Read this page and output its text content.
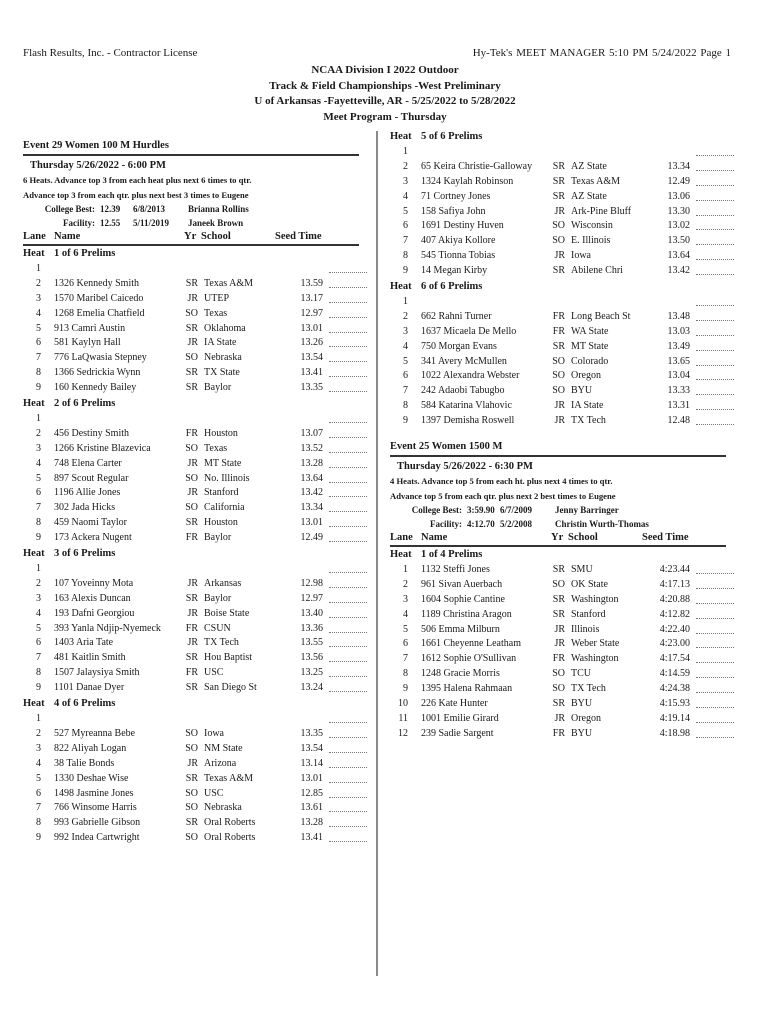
Flash Results, Inc. - Contractor License	Hy-Tek's MEET MANAGER 5:10 PM 5/24/2022 Page 1
NCAA Division I 2022 Outdoor
Track & Field Championships -West Preliminary
U of Arkansas -Fayetteville, AR - 5/25/2022 to 5/28/2022
Meet Program - Thursday
Event 29 Women 100 M Hurdles
Thursday 5/26/2022 - 6:00 PM
6 Heats. Advance top 3 from each heat plus next 6 times to qtr.
Advance top 3 from each qtr. plus next best 3 times to Eugene
College Best: 12.39 6/8/2013	Brianna Rollins
Facility: 12.55 5/11/2019 Janeek Brown
Lane Name	Yr School	Seed Time
Heat 1 of 6 Prelims
1
2 1326 Kennedy Smith	SR Texas A&M	13.59
3 1570 Maribel Caicedo	JR UTEP	13.17
4 1268 Emelia Chatfield	SO Texas	12.97
5 913 Camri Austin	SR Oklahoma	13.01
6 581 Kaylyn Hall	JR IA State	13.26
7 776 LaQwasia Stepney	SO Nebraska	13.54
8 1366 Sedrickia Wynn	SR TX State	13.41
9 160 Kennedy Bailey	SR Baylor	13.35
Heat 2 of 6 Prelims
1
2 456 Destiny Smith	FR Houston	13.07
3 1266 Kristine Blazevica	SO Texas	13.52
4 748 Elena Carter	JR MT State	13.28
5 897 Scout Regular	SO No. Illinois	13.64
6 1196 Allie Jones	JR Stanford	13.42
7 302 Jada Hicks	SO California	13.34
8 459 Naomi Taylor	SR Houston	13.01
9 173 Ackera Nugent	FR Baylor	12.49
Heat 3 of 6 Prelims
1
2 107 Yoveinny Mota	JR Arkansas	12.98
3 163 Alexis Duncan	SR Baylor	12.97
4 193 Dafni Georgiou	JR Boise State	13.40
5 393 Yanla Ndjip-Nyemeck	FR CSUN	13.36
6 1403 Aria Tate	JR TX Tech	13.55
7 481 Kaitlin Smith	SR Hou Baptist	13.56
8 1507 Jalaysiya Smith	FR USC	13.25
9 1101 Danae Dyer	SR San Diego St	13.24
Heat 4 of 6 Prelims
1
2 527 Myreanna Bebe	SO Iowa	13.35
3 822 Aliyah Logan	SO NM State	13.54
4 38 Talie Bonds	JR Arizona	13.14
5 1330 Deshae Wise	SR Texas A&M	13.01
6 1498 Jasmine Jones	SO USC	12.85
7 766 Winsome Harris	SO Nebraska	13.61
8 993 Gabrielle Gibson	SR Oral Roberts	13.28
9 992 Indea Cartwright	SO Oral Roberts	13.41
Heat 5 of 6 Prelims
1
2 65 Keira Christie-Galloway	SR AZ State	13.34
3 1324 Kaylah Robinson	SR Texas A&M	12.49
4 71 Cortney Jones	SR AZ State	13.06
5 158 Safiya John	JR Ark-Pine Bluff	13.30
6 1691 Destiny Huven	SO Wisconsin	13.02
7 407 Akiya Kollore	SO E. Illinois	13.50
8 545 Tionna Tobias	JR Iowa	13.64
9 14 Megan Kirby	SR Abilene Chri	13.42
Heat 6 of 6 Prelims
1
2 662 Rahni Turner	FR Long Beach St	13.48
3 1637 Micaela De Mello	FR WA State	13.03
4 750 Morgan Evans	SR MT State	13.49
5 341 Avery McMullen	SO Colorado	13.65
6 1022 Alexandra Webster	SO Oregon	13.04
7 242 Adaobi Tabugbo	SO BYU	13.33
8 584 Katarina Vlahovic	JR IA State	13.31
9 1397 Demisha Roswell	JR TX Tech	12.48
Event 25 Women 1500 M
Thursday 5/26/2022 - 6:30 PM
4 Heats. Advance top 5 from each ht. plus next 4 times to qtr.
Advance top 5 from each qtr. plus next 2 best times to Eugene
College Best: 3:59.90 6/7/2009	Jenny Barringer
Facility: 4:12.70 5/2/2008	Christin Wurth-Thomas
Lane Name	Yr School	Seed Time
Heat 1 of 4 Prelims
1 1132 Steffi Jones	SR SMU	4:23.44
2 961 Sivan Auerbach	SO OK State	4:17.13
3 1604 Sophie Cantine	SR Washington	4:20.88
4 1189 Christina Aragon	SR Stanford	4:12.82
5 506 Emma Milburn	JR Illinois	4:22.40
6 1661 Cheyenne Leatham	JR Weber State	4:23.00
7 1612 Sophie O'Sullivan	FR Washington	4:17.54
8 1248 Gracie Morris	SO TCU	4:14.59
9 1395 Halena Rahmaan	SO TX Tech	4:24.38
10 226 Kate Hunter	SR BYU	4:15.93
11 1001 Emilie Girard	JR Oregon	4:19.14
12 239 Sadie Sargent	FR BYU	4:18.98
